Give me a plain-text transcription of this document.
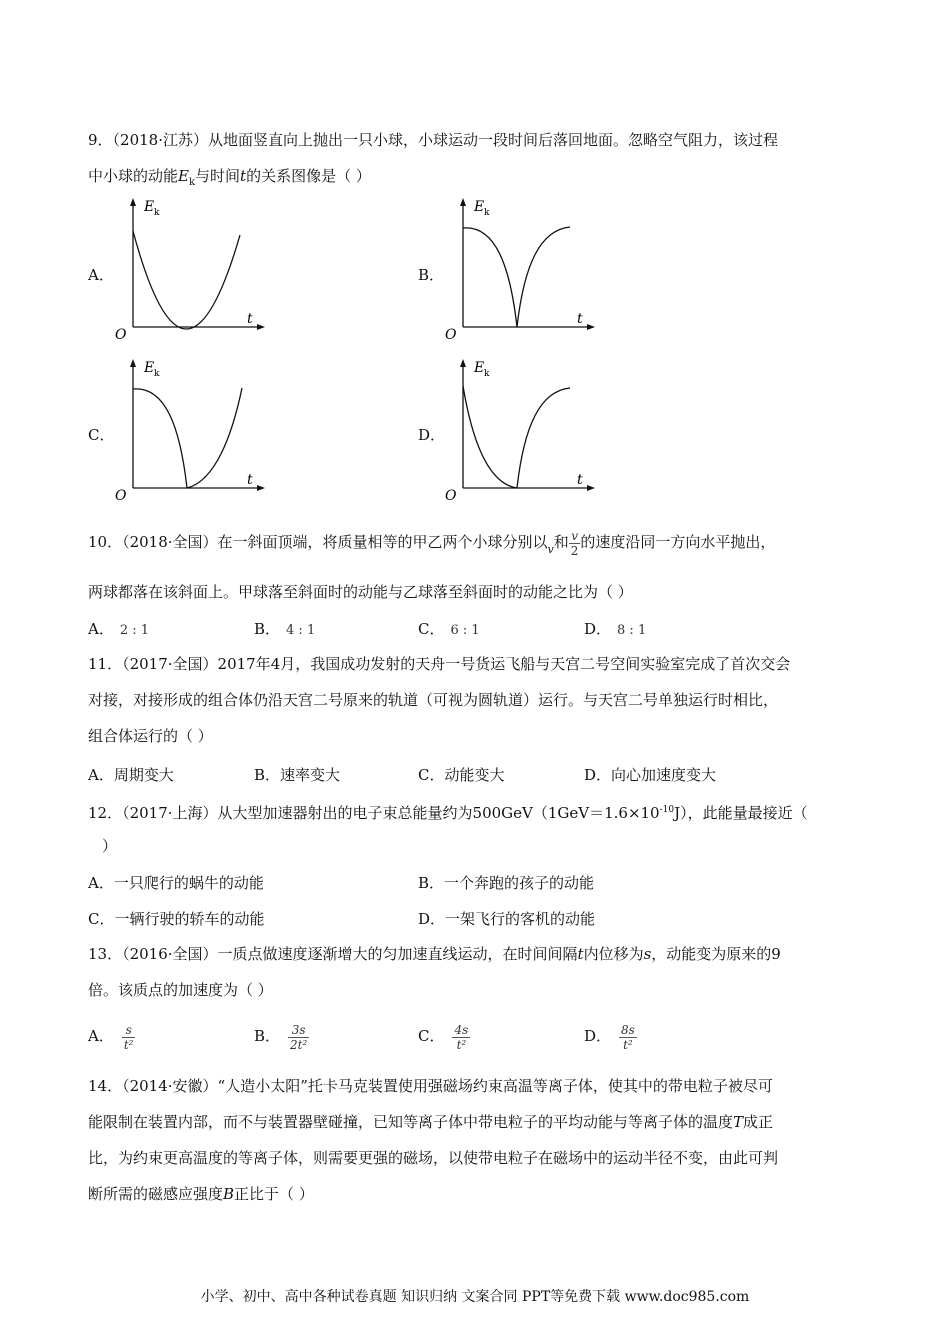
9．（2018·江苏）从地面竖直向上抛出一只小球，小球运动一段时间后落回地面。忽略空气阻力，该过程
中小球的动能$E_k$与时间t的关系图像是（ ）
A．	B．
C．	D．
E k
t
O
E k
t
O
E k
t
O
E k
t
O
10．（2018·全国）在一斜面顶端，将质量相等的甲乙两个小球分别以$_v$和 $\frac{v}{2}$ 的速度沿同一方向水平抛出，
两球都落在该斜面上。甲球落至斜面时的动能与乙球落至斜面时的动能之比为（ ）
A． 2 : 1	B． 4 : 1	C． 6 : 1	D． 8 : 1
11．（2017·全国）2017年4月，我国成功发射的天舟一号货运飞船与天宫二号空间实验室完成了首次交会
对接，对接形成的组合体仍沿天宫二号原来的轨道（可视为圆轨道）运行。与天宫二号单独运行时相比，
组合体运行的（ ）
A．周期变大	B．速率变大	C．动能变大	D．向心加速度变大
12．（2017·上海）从大型加速器射出的电子束总能量约为$500GeV(1GeV=1.6\times 10^{-10}J)$，此能量最接近（
）
A．一只爬行的蜗牛的动能	B．一个奔跑的孩子的动能
C．一辆行驶的轿车的动能	D．一架飞行的客机的动能
13．（2016·全国）一质点做速度逐渐增大的匀加速直线运动，在时间间隔t内位移为s，动能变为原来的9
倍。该质点的加速度为（ ）
A． $\frac{s}{\text{t²}}$	B． $\frac{3s}{\text{2t²}}$	C． $\frac{4s}{\text{t²}}$	D． $\frac{8s}{\text{t²}}$
14．（2014·安徽）“人造小太阳”托卡马克装置使用强磁场约束高温等离子体，使其中的带电粒子被尽可
能限制在装置内部，而不与装置器壁碰撞，已知等离子体中带电粒子的平均动能与等离子体的温度T成正
比，为约束更高温度的等离子体，则需要更强的磁场，以使带电粒子在磁场中的运动半径不变，由此可判
断所需的磁感应强度B正比于（ ）
小学、初中、高中各种试卷真题 知识归纳 文案合同 PPT等免费下载 www.doc985.com
